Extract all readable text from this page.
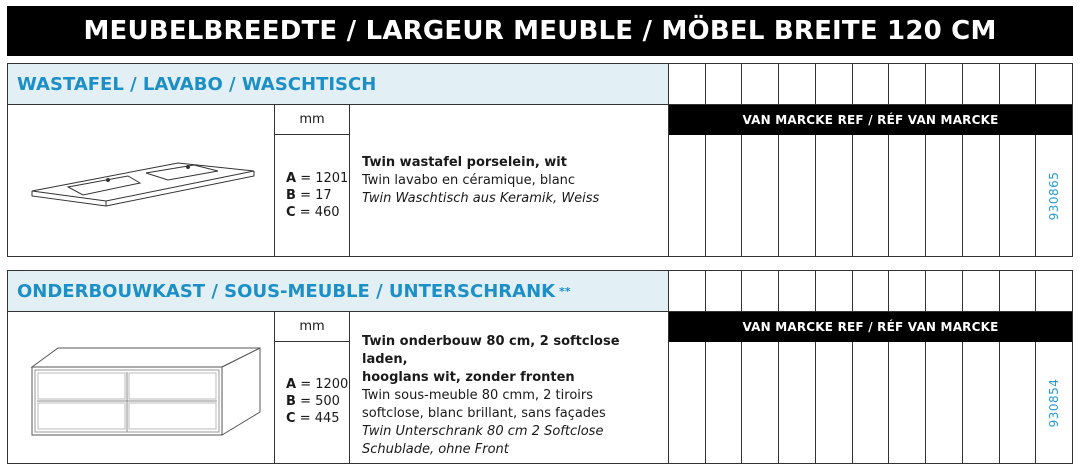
MEUBELBREEDTE / LARGEUR MEUBLE / MÖBEL BREITE 120 CM
WASTAFEL / LAVABO / WASCHTISCH
mm
A = 1201
B = 17
C = 460
Twin wastafel porselein, wit
Twin lavabo en céramique, blanc
Twin Waschtisch aus Keramik, Weiss
VAN MARCKE REF / RÉF VAN MARCKE
930865
ONDERBOUWKAST / SOUS-MEUBLE / UNTERSCHRANK **
mm
A = 1200
B = 500
C = 445
Twin onderbouw 80 cm, 2 softclose laden,
hooglans wit, zonder fronten
Twin sous-meuble 80 cmm, 2 tiroirs
softclose, blanc brillant, sans façades
Twin Unterschrank 80 cm 2 Softclose
Schublade, ohne Front
VAN MARCKE REF / RÉF VAN MARCKE
930854
